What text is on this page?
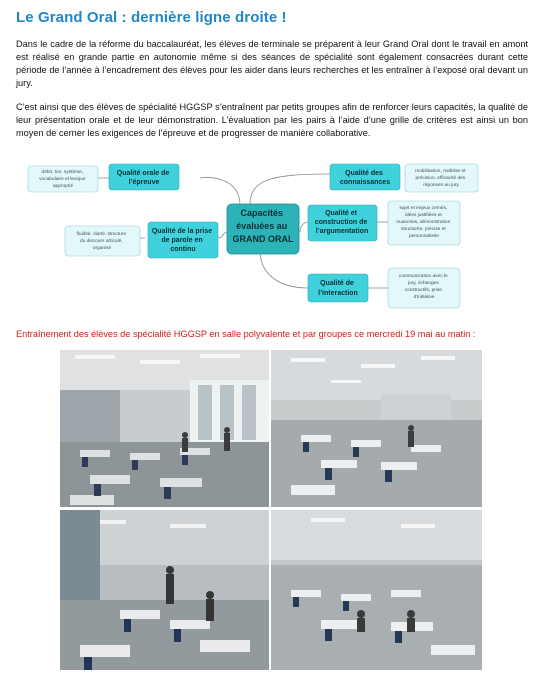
Le Grand Oral : dernière ligne droite !
Dans le cadre de la réforme du baccalauréat, les élèves de terminale se préparent à leur Grand Oral dont le travail en amont est réalisé en grande partie en autonomie même si des séances de spécialité sont également consacrées durant cette période de l’année à l’encadrement des élèves pour les aider dans leurs recherches et les entraîner à l’exposé oral devant un jury.
C’est ainsi que des élèves de spécialité HGGSP s’entraînent par petits groupes afin de renforcer leurs capacités, la qualité de leur présentation orale et de leur démonstration. L’évaluation par les pairs à l’aide d’une grille de critères est ainsi un bon moyen de cerner les exigences de l’épreuve et de progresser de manière collaborative.
Capacités évaluées au GRAND ORAL
Qualité orale de l’épreuve
débit, ton, système, vocabulaire et lexique approprié
Qualité des connaissances
mobilisation, maîtrise et précision, efficacité des réponses au jury
Qualité et construction de l’argumentation
sujet et enjeux cernés, idées justifiées et nuancées, démonstration structurée, précise et personnalisée
Qualité de la prise de parole en continu
fluidité, clarté, structure du discours articulé, organisé
Qualité de l’interaction
communication avec le jury, échanges constructifs, prise d’initiative
Entraînement des élèves de spécialité HGGSP en salle polyvalente et par groupes ce mercredi 19 mai au matin :
